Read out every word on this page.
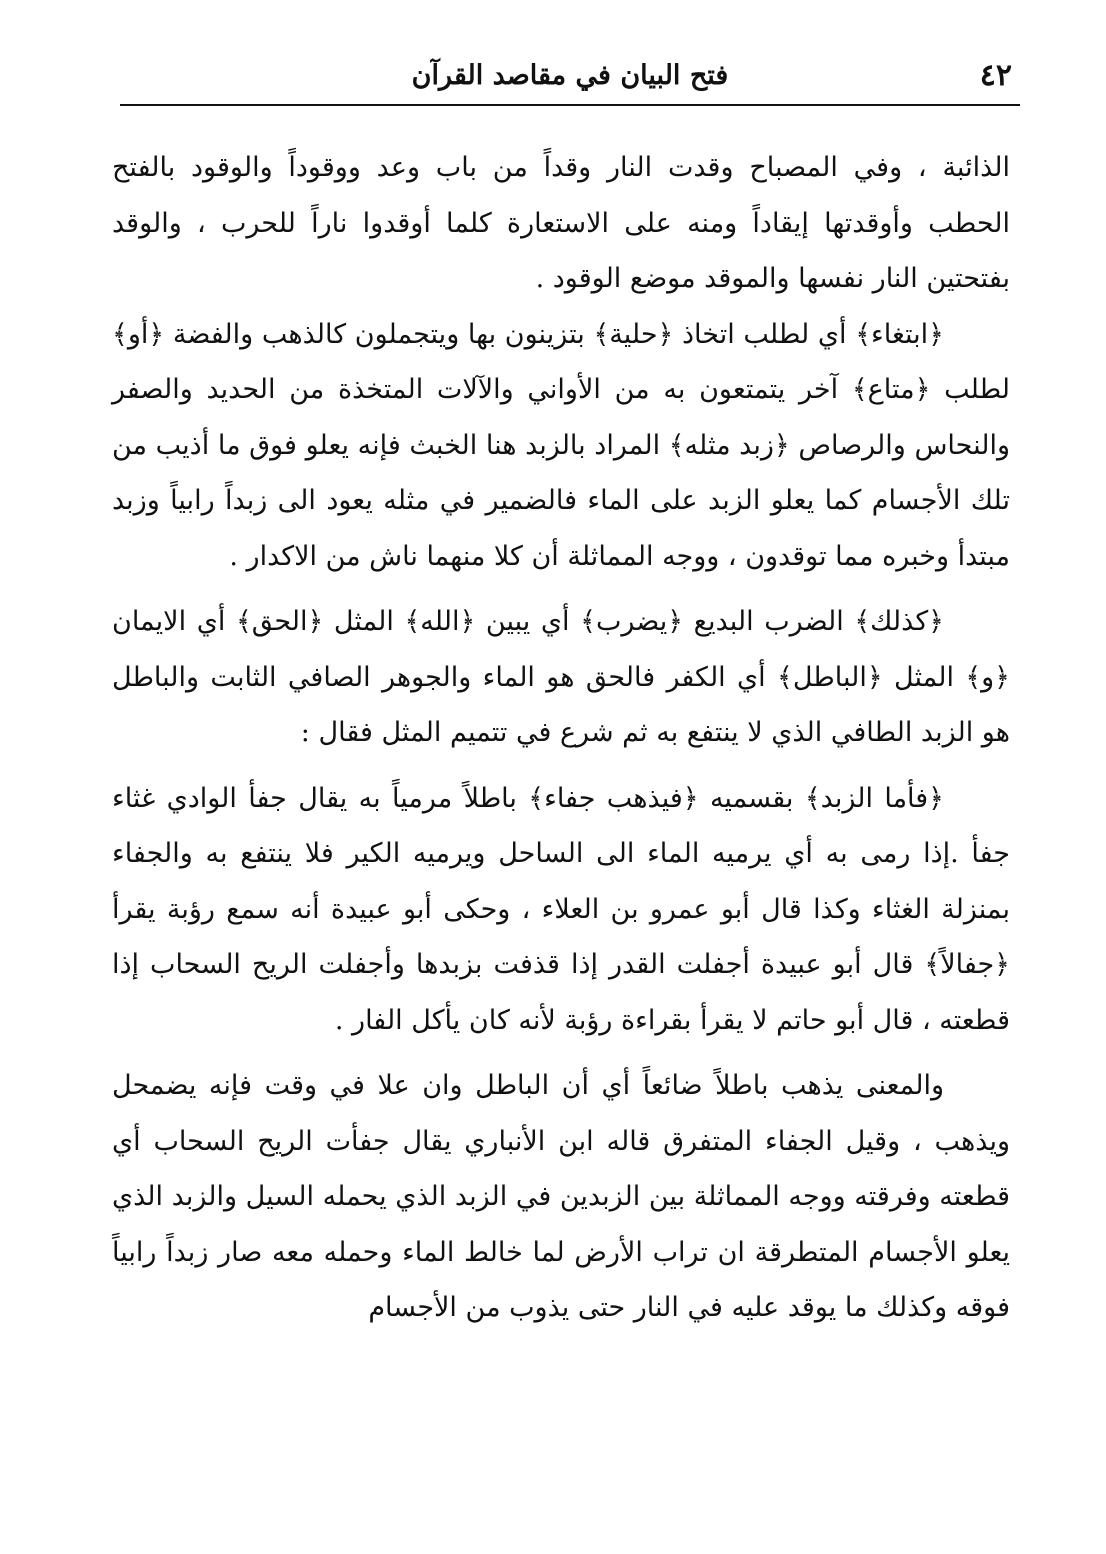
٤٢
فتح البيان في مقاصد القرآن

الذائبة ، وفي المصباح وقدت النار وقداً من باب وعد ووقوداً والوقود بالفتح الحطب وأوقدتها إيقاداً ومنه على الاستعارة كلما أوقدوا ناراً للحرب ، والوقد بفتحتين النار نفسها والموقد موضع الوقود .

﴿ابتغاء﴾ أي لطلب اتخاذ ﴿حلية﴾ بتزينون بها ويتجملون كالذهب والفضة ﴿أو﴾ لطلب ﴿متاع﴾ آخر يتمتعون به من الأواني والآلات المتخذة من الحديد والصفر والنحاس والرصاص ﴿زبد مثله﴾ المراد بالزبد هنا الخبث فإنه يعلو فوق ما أذيب من تلك الأجسام كما يعلو الزبد على الماء فالضمير في مثله يعود الى زبداً رابياً وزبد مبتدأ وخبره مما توقدون ، ووجه المماثلة أن كلا منهما ناش من الاكدار .

﴿كذلك﴾ الضرب البديع ﴿يضرب﴾ أي يبين ﴿الله﴾ المثل ﴿الحق﴾ أي الايمان ﴿و﴾ المثل ﴿الباطل﴾ أي الكفر فالحق هو الماء والجوهر الصافي الثابت والباطل هو الزبد الطافي الذي لا ينتفع به ثم شرع في تتميم المثل فقال :

﴿فأما الزبد﴾ بقسميه ﴿فيذهب جفاء﴾ باطلاً مرمياً به يقال جفأ الوادي غثاء جفأ .إذا رمى به أي يرميه الماء الى الساحل ويرميه الكير فلا ينتفع به والجفاء بمنزلة الغثاء وكذا قال أبو عمرو بن العلاء ، وحكى أبو عبيدة أنه سمع رؤبة يقرأ ﴿جفالاً﴾ قال أبو عبيدة أجفلت القدر إذا قذفت بزبدها وأجفلت الريح السحاب إذا قطعته ، قال أبو حاتم لا يقرأ بقراءة رؤبة لأنه كان يأكل الفار .

والمعنى يذهب باطلاً ضائعاً أي أن الباطل وان علا في وقت فإنه يضمحل ويذهب ، وقيل الجفاء المتفرق قاله ابن الأنباري يقال جفأت الريح السحاب أي قطعته وفرقته ووجه المماثلة بين الزبدين في الزبد الذي يحمله السيل والزبد الذي يعلو الأجسام المتطرقة ان تراب الأرض لما خالط الماء وحمله معه صار زبداً رابياً فوقه وكذلك ما يوقد عليه في النار حتى يذوب من الأجسام
